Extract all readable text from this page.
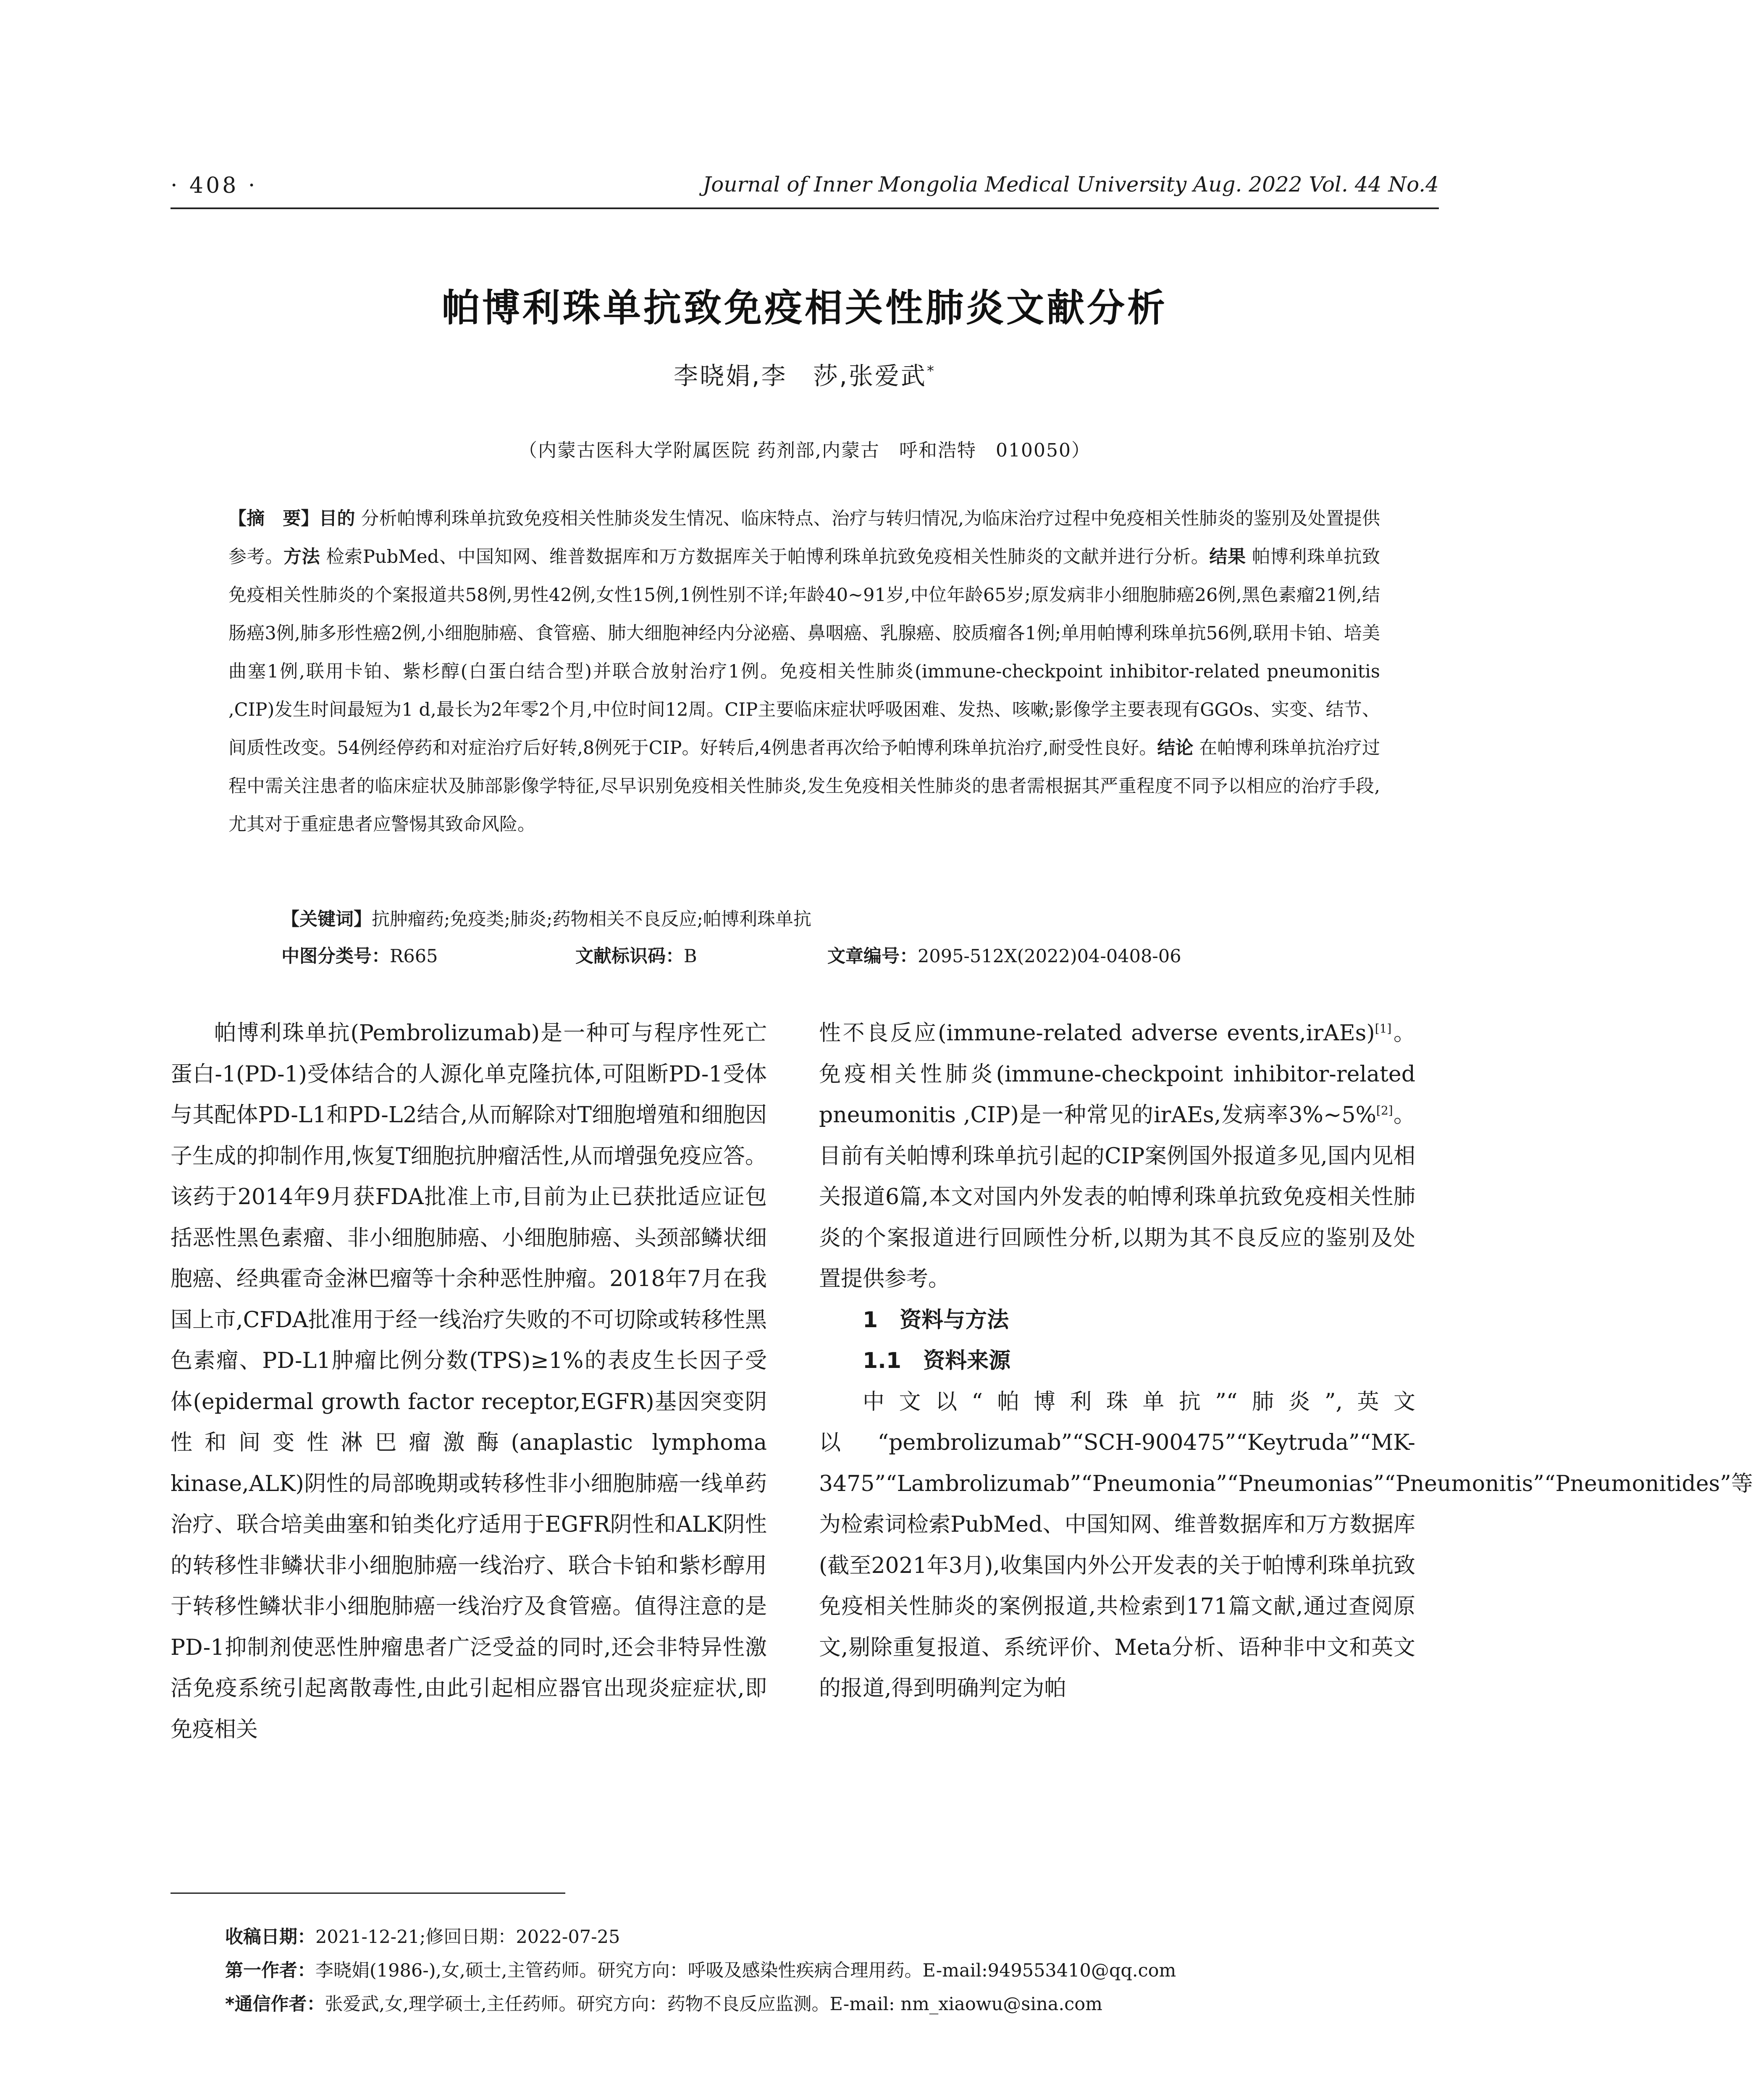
· 408 ·	Journal of Inner Mongolia Medical University Aug. 2022 Vol. 44 No.4
帕博利珠单抗致免疫相关性肺炎文献分析
李晓娟,李　莎,张爱武*
（内蒙古医科大学附属医院 药剂部,内蒙古　呼和浩特　010050）
【摘　要】目的 分析帕博利珠单抗致免疫相关性肺炎发生情况、临床特点、治疗与转归情况,为临床治疗过程中免疫相关性肺炎的鉴别及处置提供参考。方法 检索PubMed、中国知网、维普数据库和万方数据库关于帕博利珠单抗致免疫相关性肺炎的文献并进行分析。结果 帕博利珠单抗致免疫相关性肺炎的个案报道共58例,男性42例,女性15例,1例性别不详;年龄40~91岁,中位年龄65岁;原发病非小细胞肺癌26例,黑色素瘤21例,结肠癌3例,肺多形性癌2例,小细胞肺癌、食管癌、肺大细胞神经内分泌癌、鼻咽癌、乳腺癌、胶质瘤各1例;单用帕博利珠单抗56例,联用卡铂、培美曲塞1例,联用卡铂、紫杉醇(白蛋白结合型)并联合放射治疗1例。免疫相关性肺炎(immune-checkpoint inhibitor-related pneumonitis ,CIP)发生时间最短为1 d,最长为2年零2个月,中位时间12周。CIP主要临床症状呼吸困难、发热、咳嗽;影像学主要表现有GGOs、实变、结节、间质性改变。54例经停药和对症治疗后好转,8例死于CIP。好转后,4例患者再次给予帕博利珠单抗治疗,耐受性良好。结论 在帕博利珠单抗治疗过程中需关注患者的临床症状及肺部影像学特征,尽早识别免疫相关性肺炎,发生免疫相关性肺炎的患者需根据其严重程度不同予以相应的治疗手段,尤其对于重症患者应警惕其致命风险。
【关键词】抗肿瘤药;免疫类;肺炎;药物相关不良反应;帕博利珠单抗
中图分类号：R665	文献标识码：B	文章编号：2095-512X(2022)04-0408-06

帕博利珠单抗(Pembrolizumab)是一种可与程序性死亡蛋白-1(PD-1)受体结合的人源化单克隆抗体,可阻断PD-1受体与其配体PD-L1和PD-L2结合,从而解除对T细胞增殖和细胞因子生成的抑制作用,恢复T细胞抗肿瘤活性,从而增强免疫应答。该药于2014年9月获FDA批准上市,目前为止已获批适应证包括恶性黑色素瘤、非小细胞肺癌、小细胞肺癌、头颈部鳞状细胞癌、经典霍奇金淋巴瘤等十余种恶性肿瘤。2018年7月在我国上市,CFDA批准用于经一线治疗失败的不可切除或转移性黑色素瘤、PD-L1肿瘤比例分数(TPS)≥1%的表皮生长因子受体(epidermal growth factor receptor,EGFR)基因突变阴性和间变性淋巴瘤激酶(anaplastic lymphoma kinase,ALK)阴性的局部晚期或转移性非小细胞肺癌一线单药治疗、联合培美曲塞和铂类化疗适用于EGFR阴性和ALK阴性的转移性非鳞状非小细胞肺癌一线治疗、联合卡铂和紫杉醇用于转移性鳞状非小细胞肺癌一线治疗及食管癌。值得注意的是PD-1抑制剂使恶性肿瘤患者广泛受益的同时,还会非特异性激活免疫系统引起离散毒性,由此引起相应器官出现炎症症状,即免疫相关

性不良反应(immune-related adverse events,irAEs)[1]。免疫相关性肺炎(immune-checkpoint inhibitor-related pneumonitis ,CIP)是一种常见的irAEs,发病率3%~5%[2]。目前有关帕博利珠单抗引起的CIP案例国外报道多见,国内见相关报道6篇,本文对国内外发表的帕博利珠单抗致免疫相关性肺炎的个案报道进行回顾性分析,以期为其不良反应的鉴别及处置提供参考。

1　资料与方法

1.1　资料来源

中文以“帕博利珠单抗”“肺炎”,英文以“pembrolizumab”“SCH-900475”“Keytruda”“MK-3475”“Lambrolizumab”“Pneumonia”“Pneumonias”“Pneumonitis”“Pneumonitides”等为检索词检索PubMed、中国知网、维普数据库和万方数据库(截至2021年3月),收集国内外公开发表的关于帕博利珠单抗致免疫相关性肺炎的案例报道,共检索到171篇文献,通过查阅原文,剔除重复报道、系统评价、Meta分析、语种非中文和英文的报道,得到明确判定为帕

收稿日期：2021-12-21;修回日期：2022-07-25
第一作者：李晓娟(1986-),女,硕士,主管药师。研究方向：呼吸及感染性疾病合理用药。E-mail:949553410@qq.com
*通信作者：张爱武,女,理学硕士,主任药师。研究方向：药物不良反应监测。E-mail: nm_xiaowu@sina.com
